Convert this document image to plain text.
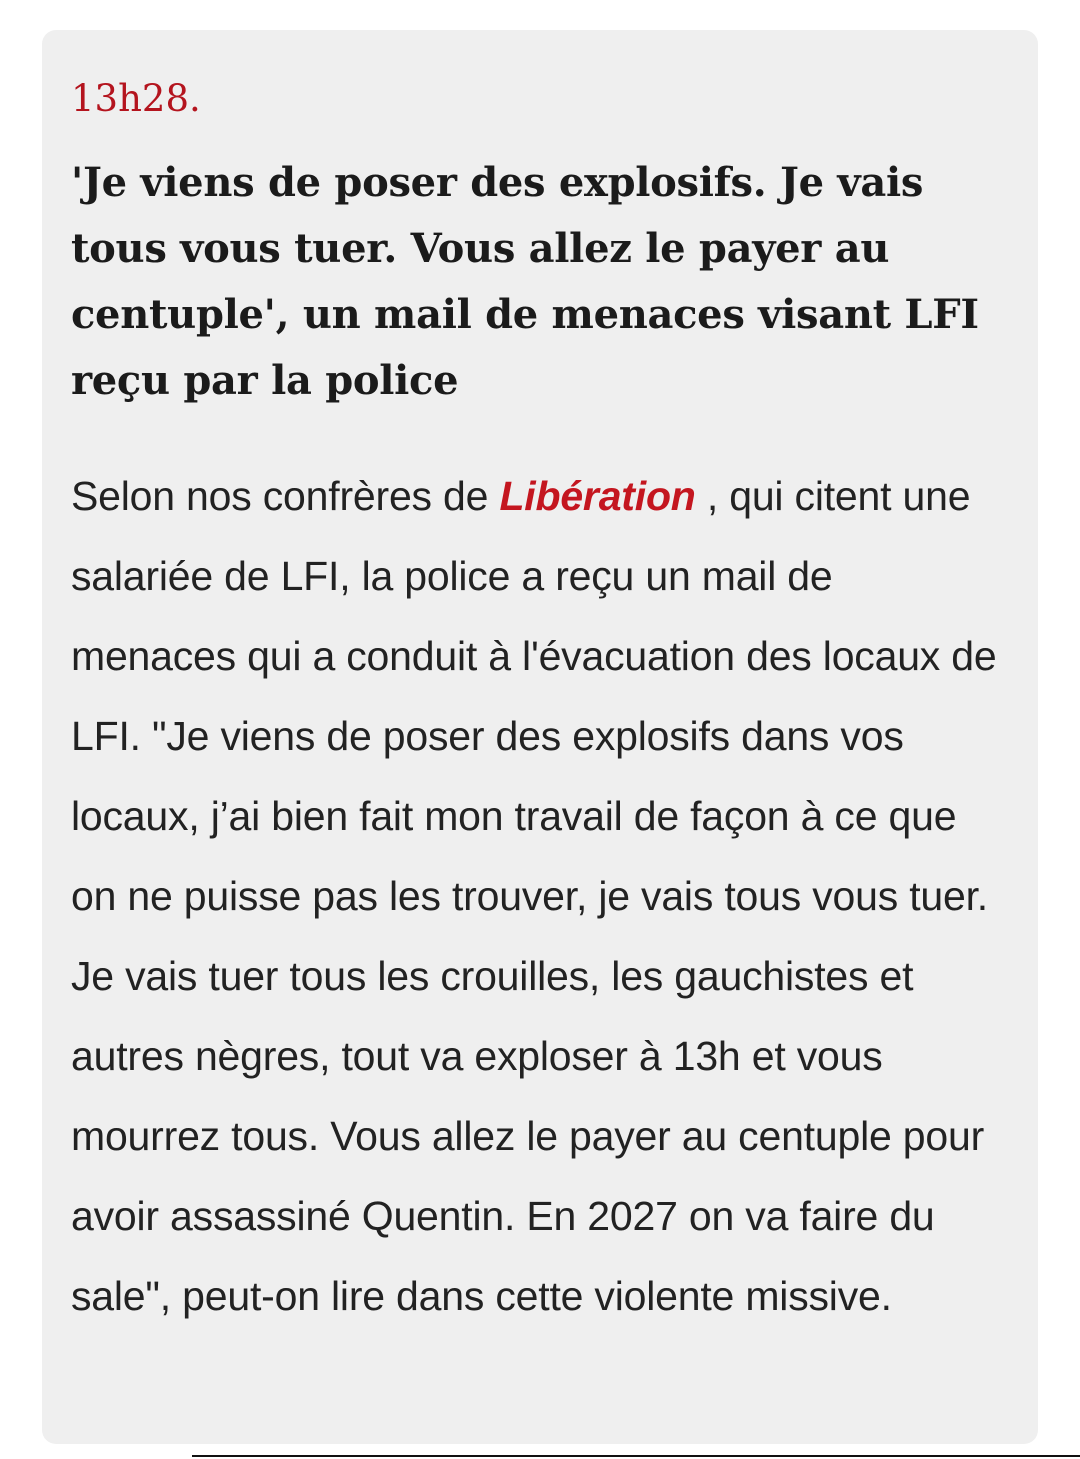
13h28.
'Je viens de poser des explosifs. Je vais tous vous tuer. Vous allez le payer au centuple', un mail de menaces visant LFI reçu par la police

Selon nos confrères de Libération , qui citent une salariée de LFI, la police a reçu un mail de menaces qui a conduit à l'évacuation des locaux de LFI. "Je viens de poser des explosifs dans vos locaux, j’ai bien fait mon travail de façon à ce que on ne puisse pas les trouver, je vais tous vous tuer. Je vais tuer tous les crouilles, les gauchistes et autres nègres, tout va exploser à 13h et vous mourrez tous. Vous allez le payer au centuple pour avoir assassiné Quentin. En 2027 on va faire du sale", peut-on lire dans cette violente missive.
